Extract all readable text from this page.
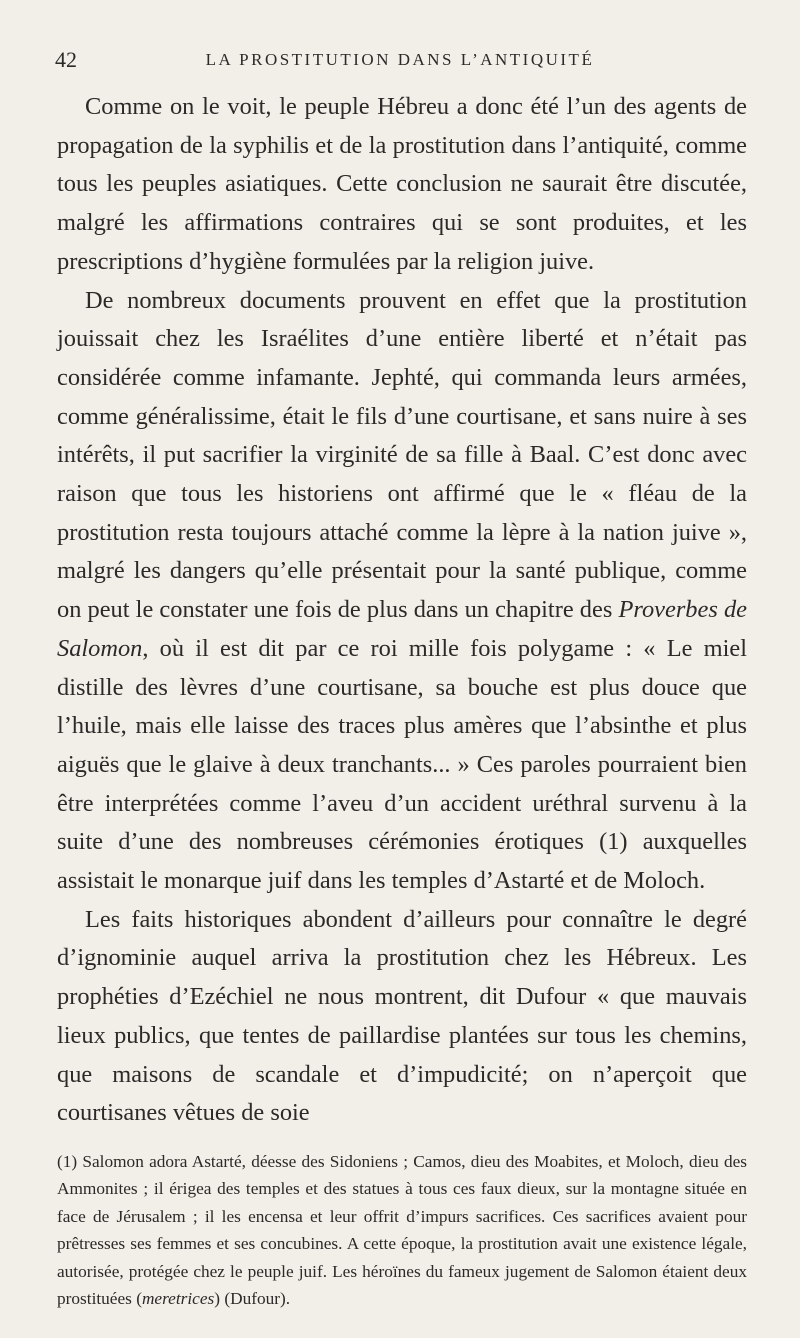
42	LA PROSTITUTION DANS L’ANTIQUITÉ

Comme on le voit, le peuple Hébreu a donc été l’un des agents de propagation de la syphilis et de la prostitution dans l’antiquité, comme tous les peuples asiatiques. Cette conclusion ne saurait être discutée, malgré les affirmations contraires qui se sont produites, et les prescriptions d’hygiène formulées par la religion juive.

De nombreux documents prouvent en effet que la prostitution jouissait chez les Israélites d’une entière liberté et n’était pas considérée comme infamante. Jephté, qui commanda leurs armées, comme généralissime, était le fils d’une courtisane, et sans nuire à ses intérêts, il put sacrifier la virginité de sa fille à Baal. C’est donc avec raison que tous les historiens ont affirmé que le « fléau de la prostitution resta toujours attaché comme la lèpre à la nation juive », malgré les dangers qu’elle présentait pour la santé publique, comme on peut le constater une fois de plus dans un chapitre des Proverbes de Salomon, où il est dit par ce roi mille fois polygame : « Le miel distille des lèvres d’une courtisane, sa bouche est plus douce que l’huile, mais elle laisse des traces plus amères que l’absinthe et plus aiguës que le glaive à deux tranchants... » Ces paroles pourraient bien être interprétées comme l’aveu d’un accident uréthral survenu à la suite d’une des nombreuses cérémonies érotiques (1) auxquelles assistait le monarque juif dans les temples d’Astarté et de Moloch.

Les faits historiques abondent d’ailleurs pour connaître le degré d’ignominie auquel arriva la prostitution chez les Hébreux. Les prophéties d’Ezéchiel ne nous montrent, dit Dufour « que mauvais lieux publics, que tentes de paillardise plantées sur tous les chemins, que maisons de scandale et d’impudicité; on n’aperçoit que courtisanes vêtues de soie

(1) Salomon adora Astarté, déesse des Sidoniens ; Camos, dieu des Moabites, et Moloch, dieu des Ammonites ; il érigea des temples et des statues à tous ces faux dieux, sur la montagne située en face de Jérusalem ; il les encensa et leur offrit d’impurs sacrifices. Ces sacrifices avaient pour prêtresses ses femmes et ses concubines. A cette époque, la prostitution avait une existence légale, autorisée, protégée chez le peuple juif. Les héroïnes du fameux jugement de Salomon étaient deux prostituées (meretrices) (Dufour).
